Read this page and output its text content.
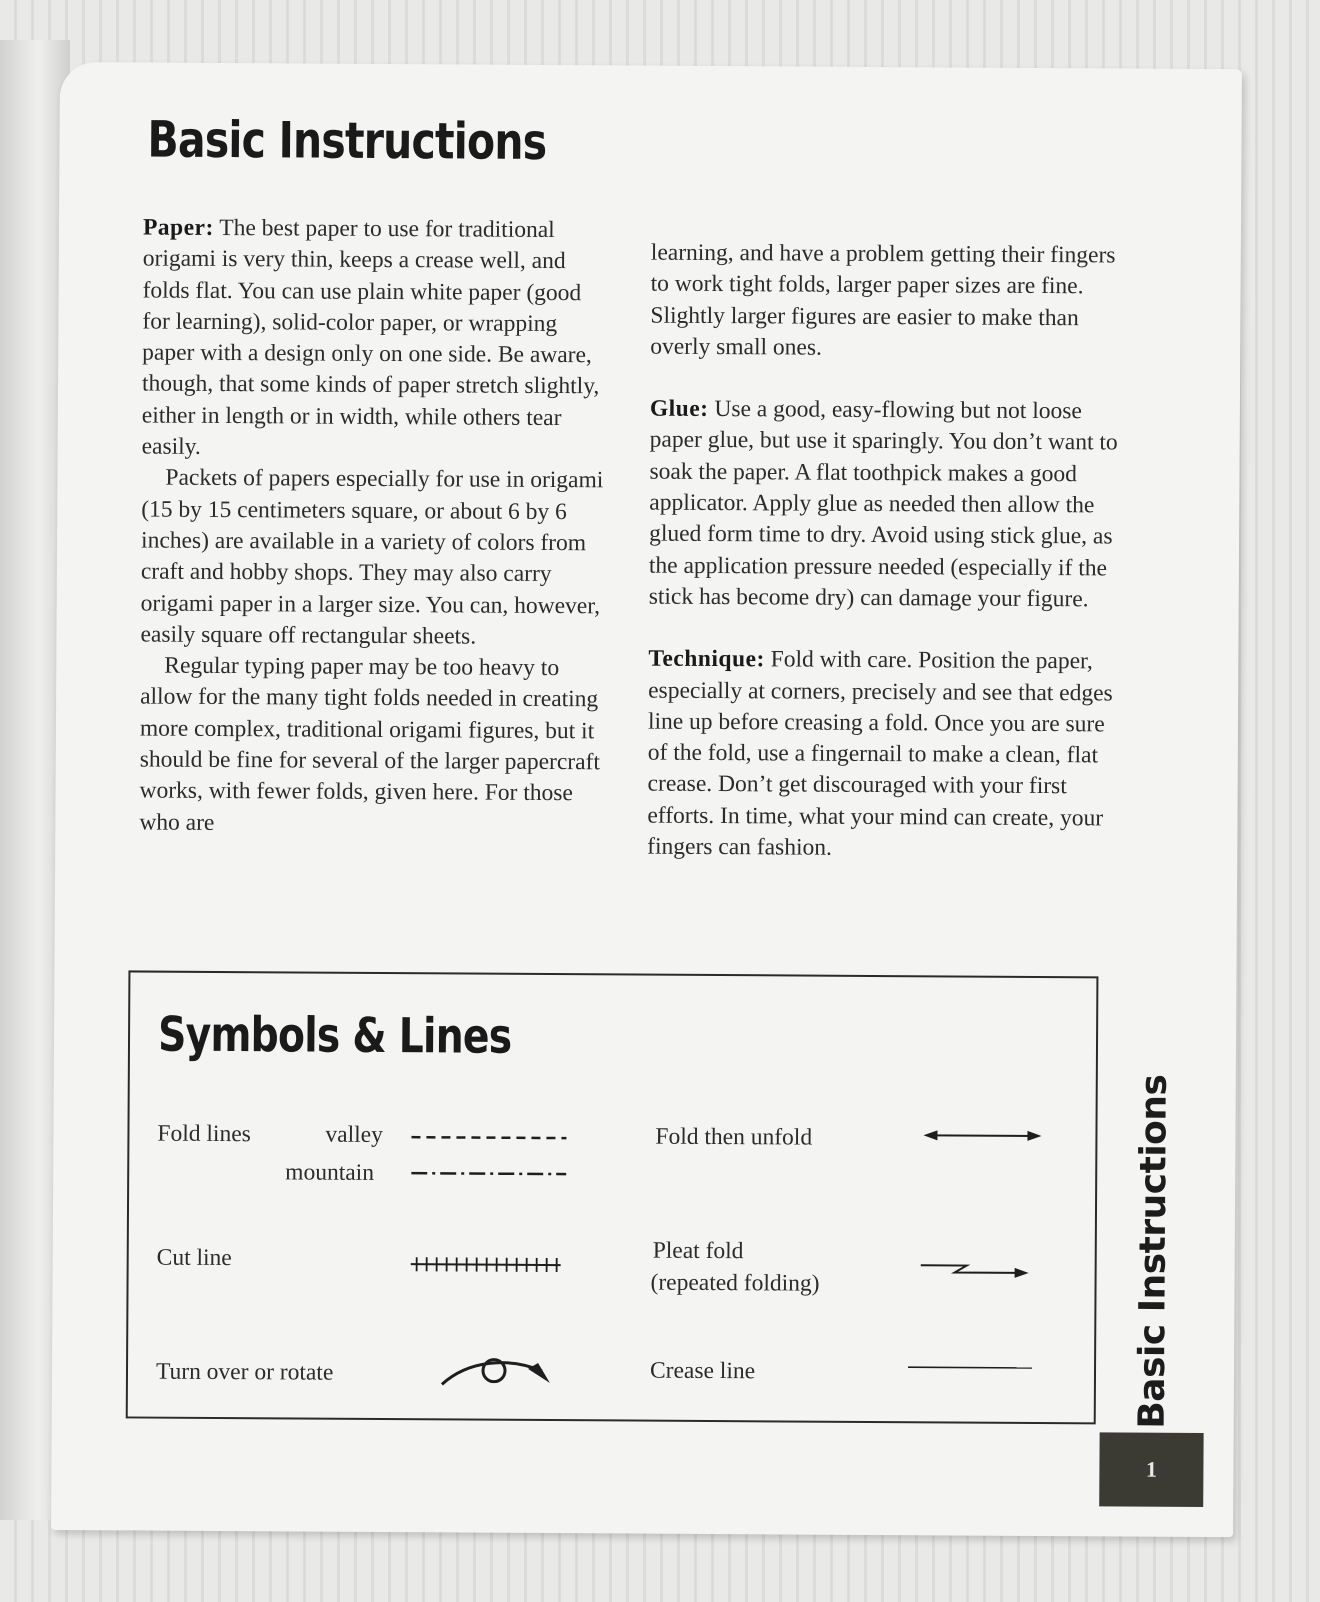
Basic Instructions

Paper: The best paper to use for traditional origami is very thin, keeps a crease well, and folds flat. You can use plain white paper (good for learning), solid-color paper, or wrapping paper with a design only on one side. Be aware, though, that some kinds of paper stretch slightly, either in length or in width, while others tear easily.

Packets of papers especially for use in origami (15 by 15 centimeters square, or about 6 by 6 inches) are available in a variety of colors from craft and hobby shops. They may also carry origami paper in a larger size. You can, however, easily square off rectangular sheets.

Regular typing paper may be too heavy to allow for the many tight folds needed in creating more complex, traditional origami figures, but it should be fine for several of the larger papercraft works, with fewer folds, given here. For those who are

learning, and have a problem getting their fingers to work tight folds, larger paper sizes are fine. Slightly larger figures are easier to make than overly small ones.

Glue: Use a good, easy-flowing but not loose paper glue, but use it sparingly. You don’t want to soak the paper. A flat toothpick makes a good applicator. Apply glue as needed then allow the glued form time to dry. Avoid using stick glue, as the application pressure needed (especially if the stick has become dry) can damage your figure.

Technique: Fold with care. Position the paper, especially at corners, precisely and see that edges line up before creasing a fold. Once you are sure of the fold, use a fingernail to make a clean, flat crease. Don’t get discouraged with your first efforts. In time, what your mind can create, your fingers can fashion.

Symbols & Lines
Fold lines	valley
mountain
Cut line
Turn over or rotate
Fold then unfold
Pleat fold
(repeated folding)
Crease line	Basic Instructions
1
